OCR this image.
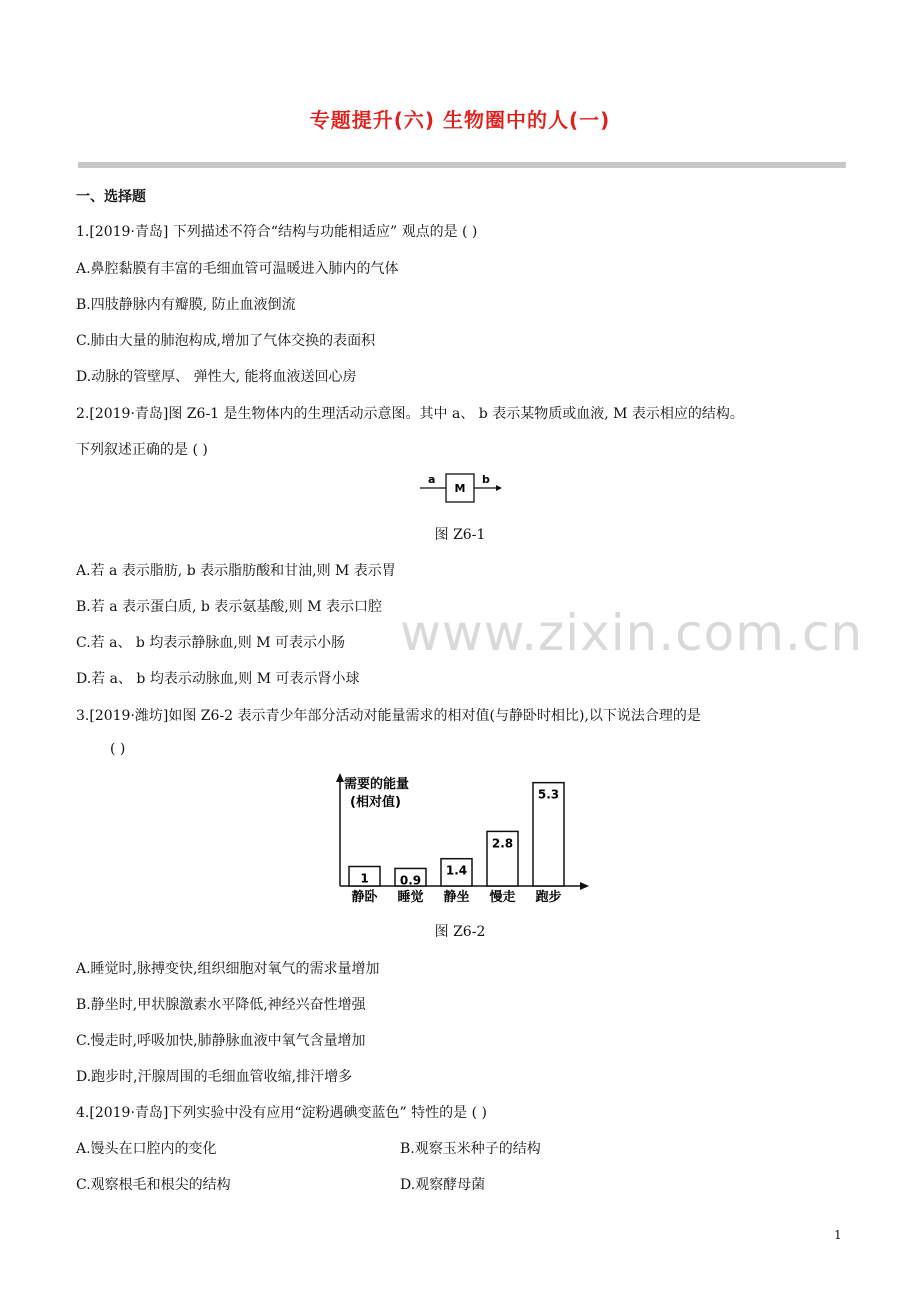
专题提升(六) 生物圈中的人(一)
一、选择题
1.[2019·青岛] 下列描述不符合“结构与功能相适应” 观点的是 ( )
A.鼻腔黏膜有丰富的毛细血管可温暖进入肺内的气体
B.四肢静脉内有瓣膜, 防止血液倒流
C.肺由大量的肺泡构成,增加了气体交换的表面积
D.动脉的管壁厚、 弹性大, 能将血液送回心房
2.[2019·青岛]图 Z6-1 是生物体内的生理活动示意图。其中 a、 b 表示某物质或血液, M 表示相应的结构。
下列叙述正确的是 ( )
a
M
b
图 Z6-1
A.若 a 表示脂肪, b 表示脂肪酸和甘油,则 M 表示胃
B.若 a 表示蛋白质, b 表示氨基酸,则 M 表示口腔
C.若 a、 b 均表示静脉血,则 M 可表示小肠
D.若 a、 b 均表示动脉血,则 M 可表示肾小球
3.[2019·潍坊]如图 Z6-2 表示青少年部分活动对能量需求的相对值(与静卧时相比),以下说法合理的是
( )
需要的能量
(相对值)
1
静卧
0.9
睡觉
1.4
静坐
2.8
慢走
5.3
跑步
图 Z6-2
A.睡觉时,脉搏变快,组织细胞对氧气的需求量增加
B.静坐时,甲状腺激素水平降低,神经兴奋性增强
C.慢走时,呼吸加快,肺静脉血液中氧气含量增加
D.跑步时,汗腺周围的毛细血管收缩,排汗增多
4.[2019·青岛]下列实验中没有应用“淀粉遇碘变蓝色” 特性的是 ( )
A.馒头在口腔内的变化	B.观察玉米种子的结构
C.观察根毛和根尖的结构	D.观察酵母菌
www.zixin.com.cn
1
